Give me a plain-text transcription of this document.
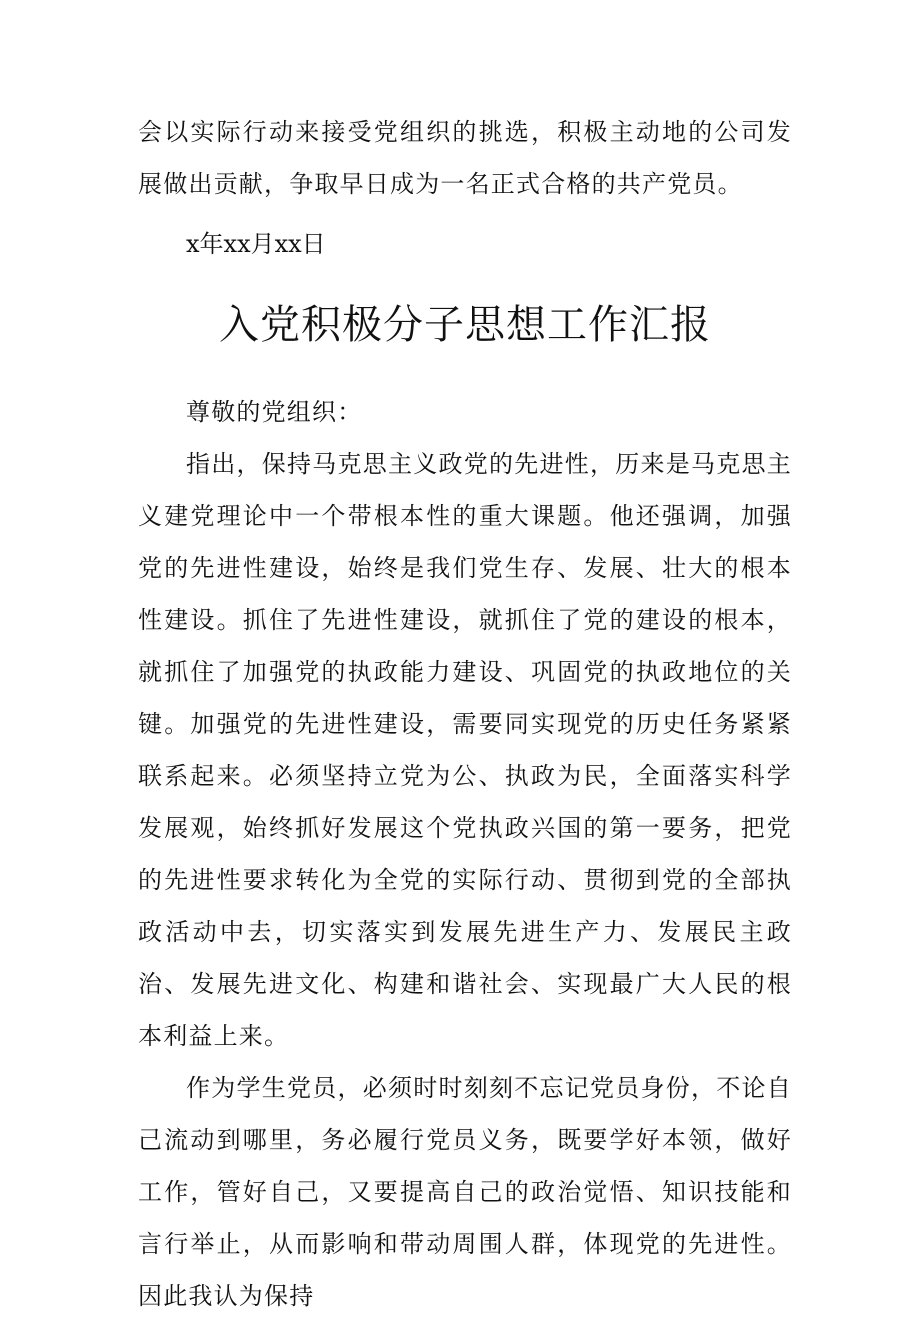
会以实际行动来接受党组织的挑选，积极主动地的公司发展做出贡献，争取早日成为一名正式合格的共产党员。

x年xx月xx日

入党积极分子思想工作汇报

尊敬的党组织：

指出，保持马克思主义政党的先进性，历来是马克思主义建党理论中一个带根本性的重大课题。他还强调，加强党的先进性建设，始终是我们党生存、发展、壮大的根本性建设。抓住了先进性建设，就抓住了党的建设的根本，就抓住了加强党的执政能力建设、巩固党的执政地位的关键。加强党的先进性建设，需要同实现党的历史任务紧紧联系起来。必须坚持立党为公、执政为民，全面落实科学发展观，始终抓好发展这个党执政兴国的第一要务，把党的先进性要求转化为全党的实际行动、贯彻到党的全部执政活动中去，切实落实到发展先进生产力、发展民主政治、发展先进文化、构建和谐社会、实现最广大人民的根本利益上来。

作为学生党员，必须时时刻刻不忘记党员身份，不论自己流动到哪里，务必履行党员义务，既要学好本领，做好工作，管好自己，又要提高自己的政治觉悟、知识技能和言行举止，从而影响和带动周围人群，体现党的先进性。因此我认为保持
